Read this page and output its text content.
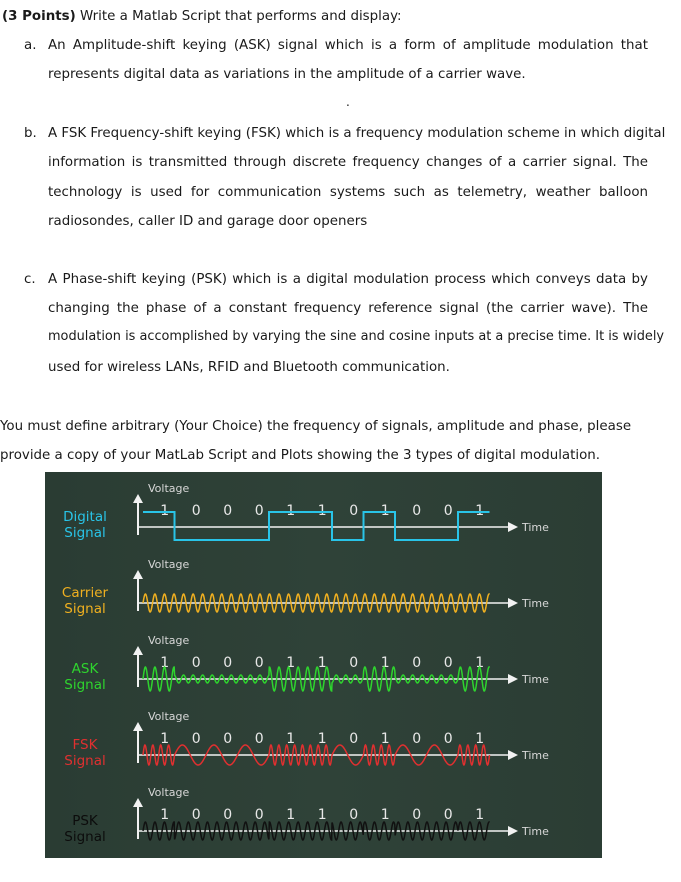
(3 Points) Write a Matlab Script that performs and display:
a. An Amplitude-shift keying (ASK) signal which is a form of amplitude modulation that
represents digital data as variations in the amplitude of a carrier wave.
.
b. A FSK Frequency-shift keying (FSK) which is a frequency modulation scheme in which digital
information is transmitted through discrete frequency changes of a carrier signal. The
technology is used for communication systems such as telemetry, weather balloon
radiosondes, caller ID and garage door openers
c. A Phase-shift keying (PSK) which is a digital modulation process which conveys data by
changing the phase of a constant frequency reference signal (the carrier wave). The
modulation is accomplished by varying the sine and cosine inputs at a precise time. It is widely
used for wireless LANs, RFID and Bluetooth communication.
You must define arbitrary (Your Choice) the frequency of signals, amplitude and phase, please
provide a copy of your MatLab Script and Plots showing the 3 types of digital modulation.
Voltage
Time
Digital
Signal
1 0 0 0 1 1 0 1 0 0 1
Voltage
Time
Carrier
Signal
Voltage
Time
ASK
Signal
1 0 0 0 1 1 0 1 0 0 1
Voltage
Time
FSK
Signal
1 0 0 0 1 1 0 1 0 0 1
Voltage
Time
PSK
Signal
1 0 0 0 1 1 0 1 0 0 1
